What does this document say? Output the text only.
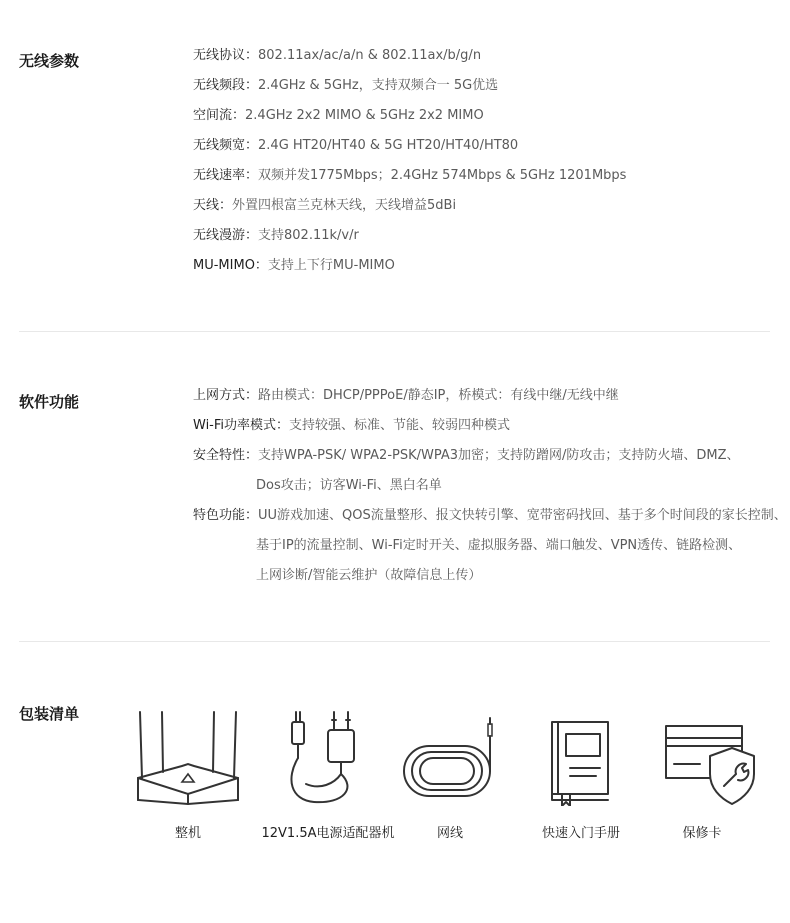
无线参数	无线协议：802.11ax/ac/a/n & 802.11ax/b/g/n
无线频段：2.4GHz & 5GHz，支持双频合一 5G优选
空间流：2.4GHz 2x2 MIMO & 5GHz 2x2 MIMO
无线频宽：2.4G HT20/HT40 & 5G HT20/HT40/HT80
无线速率：双频并发1775Mbps；2.4GHz 574Mbps & 5GHz 1201Mbps
天线：外置四根富兰克林天线，天线增益5dBi
无线漫游：支持802.11k/v/r
MU-MIMO：支持上下行MU-MIMO
软件功能	上网方式：路由模式：DHCP/PPPoE/静态IP，桥模式：有线中继/无线中继
Wi-Fi功率模式：支持较强、标准、节能、较弱四种模式
安全特性：支持WPA-PSK/ WPA2-PSK/WPA3加密；支持防蹭网/防攻击；支持防火墙、DMZ、
Dos攻击；访客Wi-Fi、黑白名单
特色功能：UU游戏加速、QOS流量整形、报文快转引擎、宽带密码找回、基于多个时间段的家长控制、
基于IP的流量控制、Wi-Fi定时开关、虚拟服务器、端口触发、VPN透传、链路检测、
上网诊断/智能云维护（故障信息上传）
包装清单
整机	12V1.5A电源适配器机	网线	快速入门手册	保修卡
